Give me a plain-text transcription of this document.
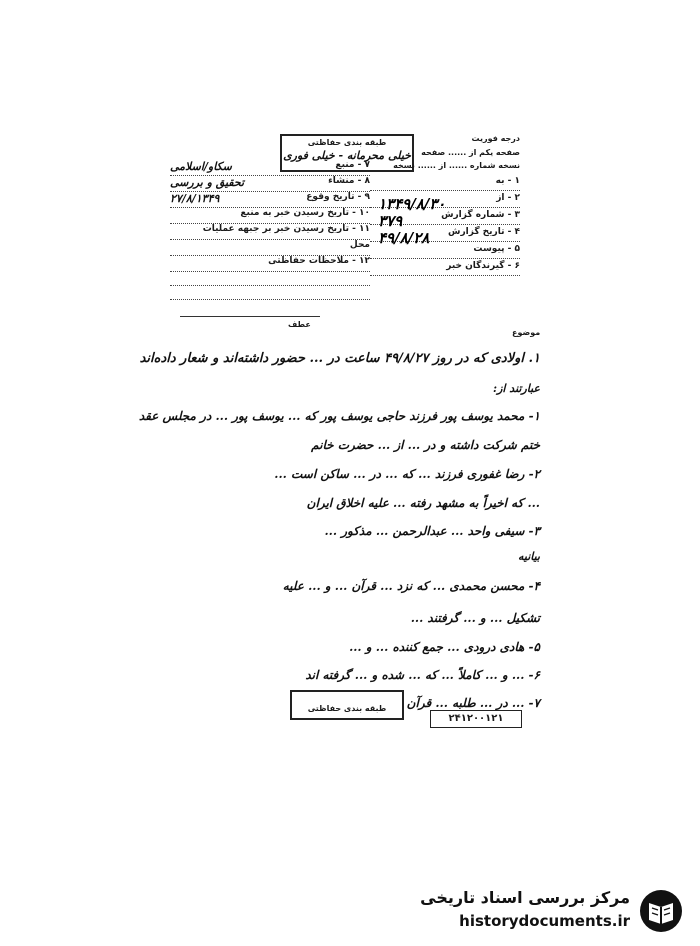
طبقه بندی حفاظتی
خیلی محرمانه - خیلی فوری
درجه فوریت
صفحه یکم از ...... صفحه
نسخه شماره ...... از ...... نسخه
۱ - به
۲ - از
۳ - شماره گزارش
۴ - تاریخ گزارش
۵ - پیوست
۶ - گیرندگان خبر
۱۳۴۹/۸/۳۰
۳۷۹
۴۹/۸/۲۸
۷ - منبع
سکاو/اسلامی
۸ - منشاء
تحقیق و بررسی
۹ - تاریخ وقوع
۲۷/۸/۱۳۴۹
۱۰ - تاریخ رسیدن خبر به منبع
۱۱ - تاریخ رسیدن خبر بر جبهه عملیات
محل
۱۲ - ملاحظات حفاظتی
عطف
موضوع
۱. اولادی که در روز ۴۹/۸/۲۷ ساعت در ... حضور داشته‌اند و شعار داده‌اند
عبارتند از:
۱- محمد یوسف پور فرزند حاجی یوسف پور که ... یوسف پور ... در مجلس عقد
ختم شرکت داشته و در ... از ... حضرت خانم
۲- رضا غفوری فرزند ... که ... در ... ساکن است ...
... که اخیراً به مشهد رفته ... علیه اخلاق ایران
۳- سیفی واحد ... عبدالرحمن ... مذکور ...
بیانیه
۴- محسن محمدی ... که نزد ... قرآن ... و ... علیه
تشکیل ... و ... گرفتند ...
۵- هادی درودی ... جمع کننده ... و ...
۶- ... و ... کاملاً ... که ... شده و ... گرفته اند
۷- ... در ... طلبه ... قرآن
طبقه بندی حفاظتی
۲۴۱۲۰۰۱۲۱
مرکز بررسی اسناد تاریخی
historydocuments.ir
